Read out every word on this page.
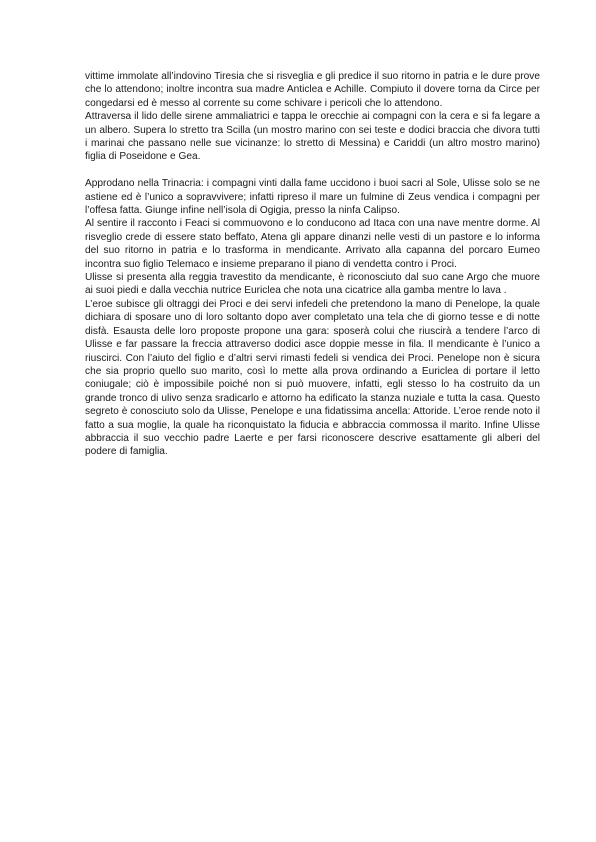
vittime immolate all’indovino Tiresia che si risveglia e gli predice il suo ritorno in patria e le dure prove che lo attendono; inoltre incontra sua madre Anticlea e Achille. Compiuto il dovere torna da Circe per congedarsi ed è messo al corrente su come schivare i pericoli che lo attendono.

Attraversa il lido delle sirene ammaliatrici e tappa le orecchie ai compagni con la cera e si fa legare a un albero. Supera lo stretto tra Scilla (un mostro marino con sei teste e dodici braccia che divora tutti i marinai che passano nelle sue vicinanze: lo stretto di Messina) e Cariddi (un altro mostro marino) figlia di Poseidone e Gea.

Approdano nella Trinacria: i compagni vinti dalla fame uccidono i buoi sacri al Sole, Ulisse solo se ne astiene ed è l’unico a sopravvivere; infatti ripreso il mare un fulmine di Zeus vendica i compagni per l’offesa fatta. Giunge infine nell’isola di Ogigia, presso la ninfa Calipso.

Al sentire il racconto i Feaci si commuovono e lo conducono ad Itaca con una nave mentre dorme. Al risveglio crede di essere stato beffato, Atena gli appare dinanzi nelle vesti di un pastore e lo informa del suo ritorno in patria e lo trasforma in mendicante. Arrivato alla capanna del porcaro Eumeo incontra suo figlio Telemaco e insieme preparano il piano di vendetta contro i Proci.

Ulisse si presenta alla reggia travestito da mendicante, è riconosciuto dal suo cane Argo che muore ai suoi piedi e dalla vecchia nutrice Euriclea che nota una cicatrice alla gamba mentre lo lava .

L’eroe subisce gli oltraggi dei Proci e dei servi infedeli che pretendono la mano di Penelope, la quale dichiara di sposare uno di loro soltanto dopo aver completato una tela che di giorno tesse e di notte disfà. Esausta delle loro proposte propone una gara: sposerà colui che riuscirà a tendere l’arco di Ulisse e far passare la freccia attraverso dodici asce doppie messe in fila. Il mendicante è l’unico a riuscirci. Con l’aiuto del figlio e d’altri servi rimasti fedeli si vendica dei Proci. Penelope non è sicura che sia proprio quello suo marito, così lo mette alla prova ordinando a Euriclea di portare il letto coniugale; ciò è impossibile poiché non si può muovere, infatti, egli stesso lo ha costruito da un grande tronco di ulivo senza sradicarlo e attorno ha edificato la stanza nuziale e tutta la casa. Questo segreto è conosciuto solo da Ulisse, Penelope e una fidatissima ancella: Attoride. L’eroe rende noto il fatto a sua moglie, la quale ha riconquistato la fiducia e abbraccia commossa il marito. Infine Ulisse abbraccia il suo vecchio padre Laerte e per farsi riconoscere descrive esattamente gli alberi del podere di famiglia.
